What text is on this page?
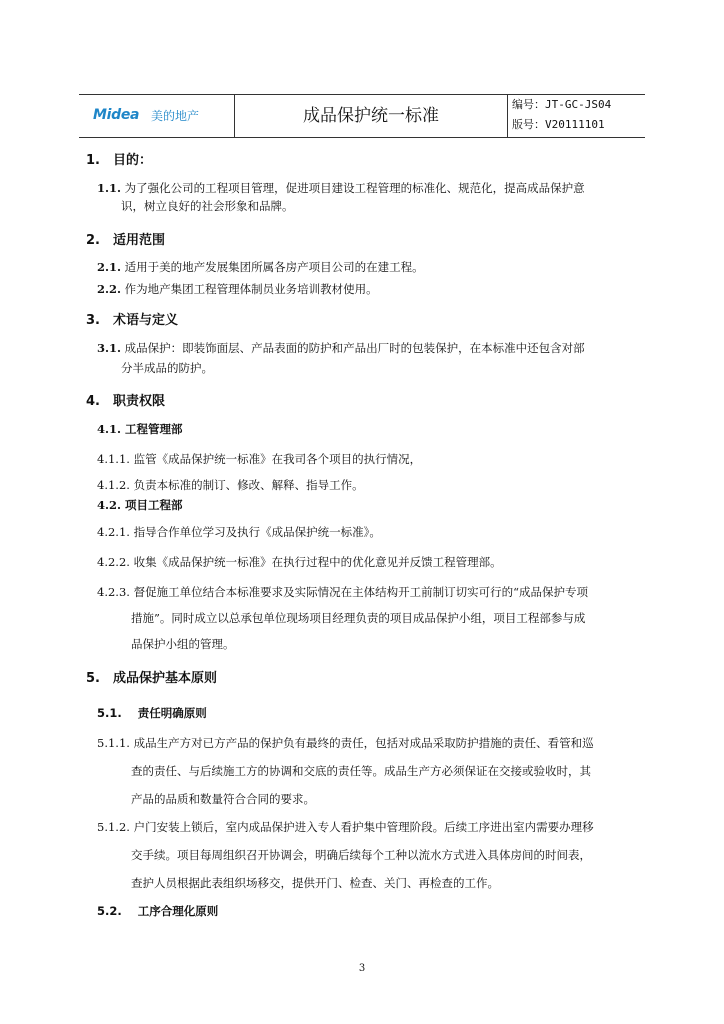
Midea 美的地产	成品保护统一标准
编号：JT-GC-JS04
版号：V20111101
1. 目的：
1.1. 为了强化公司的工程项目管理，促进项目建设工程管理的标准化、规范化，提高成品保护意
识，树立良好的社会形象和品牌。
2. 适用范围
2.1. 适用于美的地产发展集团所属各房产项目公司的在建工程。
2.2. 作为地产集团工程管理体制员业务培训教材使用。
3. 术语与定义
3.1. 成品保护：即装饰面层、产品表面的防护和产品出厂时的包装保护，在本标准中还包含对部
分半成品的防护。
4. 职责权限
4.1. 工程管理部
4.1.1. 监管《成品保护统一标准》在我司各个项目的执行情况，
4.1.2. 负责本标准的制订、修改、解释、指导工作。
4.2. 项目工程部
4.2.1. 指导合作单位学习及执行《成品保护统一标准》。
4.2.2. 收集《成品保护统一标准》在执行过程中的优化意见并反馈工程管理部。
4.2.3. 督促施工单位结合本标准要求及实际情况在主体结构开工前制订切实可行的“成品保护专项
措施”。同时成立以总承包单位现场项目经理负责的项目成品保护小组，项目工程部参与成
品保护小组的管理。
5. 成品保护基本原则
5.1. 责任明确原则
5.1.1. 成品生产方对已方产品的保护负有最终的责任，包括对成品采取防护措施的责任、看管和巡
查的责任、与后续施工方的协调和交底的责任等。成品生产方必须保证在交接或验收时，其
产品的品质和数量符合合同的要求。
5.1.2. 户门安装上锁后，室内成品保护进入专人看护集中管理阶段。后续工序进出室内需要办理移
交手续。项目每周组织召开协调会，明确后续每个工种以流水方式进入具体房间的时间表，
查护人员根据此表组织场移交，提供开门、检查、关门、再检查的工作。
5.2. 工序合理化原则
3
